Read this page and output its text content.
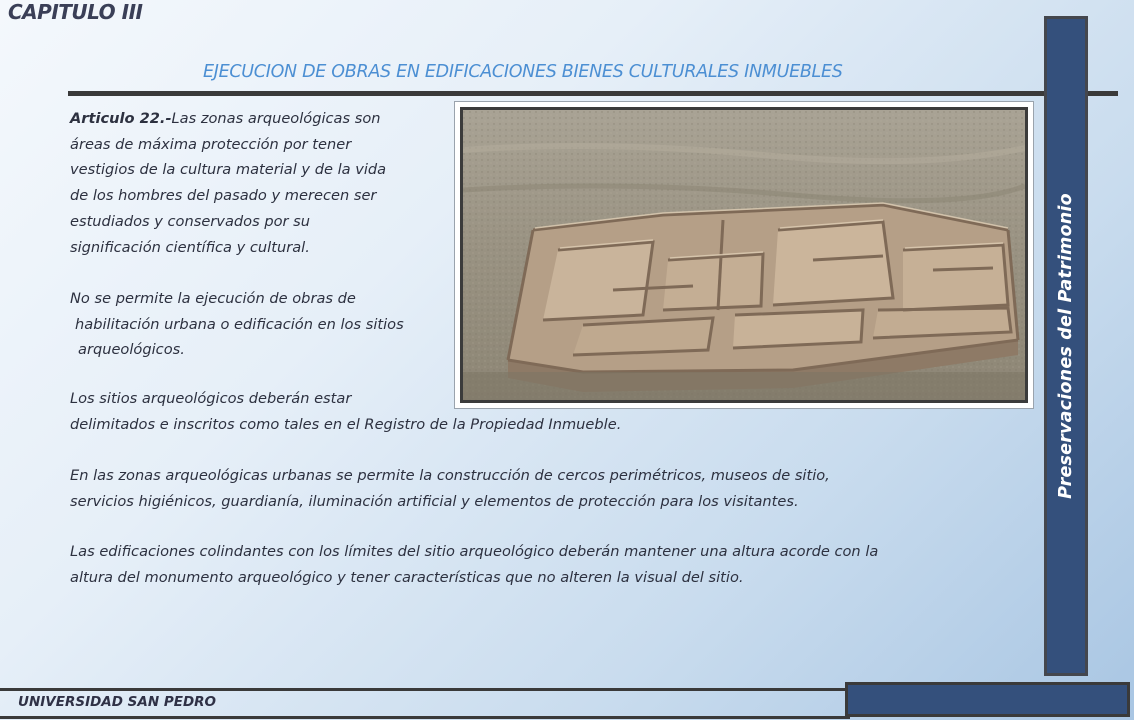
CAPITULO III
EJECUCION DE OBRAS EN EDIFICACIONES BIENES CULTURALES INMUEBLES
Preservaciones del Patrimonio
Articulo 22.-Las zonas arqueológicas son
áreas de máxima protección por tener
vestigios de la cultura material y de la vida
de los hombres del pasado y merecen ser
estudiados y conservados por su
significación científica y cultural.
No se permite la ejecución de obras de
habilitación urbana o edificación en los sitios
arqueológicos.
Los sitios arqueológicos deberán estar
delimitados e inscritos como tales en el Registro de la Propiedad Inmueble.
En las zonas arqueológicas urbanas se permite la construcción de cercos perimétricos, museos de sitio,
servicios higiénicos, guardianía, iluminación artificial y elementos de protección para los visitantes.
Las edificaciones colindantes con los límites del sitio arqueológico deberán mantener una altura acorde con la
altura del monumento arqueológico y tener características que no alteren la visual del sitio.
UNIVERSIDAD SAN PEDRO
